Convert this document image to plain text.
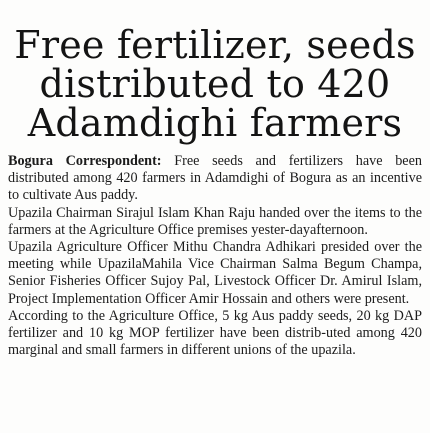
Free fertilizer, seeds
distributed to 420
Adamdighi farmers

Bogura Correspondent: Free seeds and fertilizers have been distributed among 420 farmers in Adamdighi of Bogura as an incentive to cultivate Aus paddy.

Upazila Chairman Sirajul Islam Khan Raju handed over the items to the farmers at the Agriculture Office premises yester-dayafternoon.

Upazila Agriculture Officer Mithu Chandra Adhikari presided over the meeting while UpazilaMahila Vice Chairman Salma Begum Champa, Senior Fisheries Officer Sujoy Pal, Livestock Officer Dr. Amirul Islam, Project Implementation Officer Amir Hossain and others were present.

According to the Agriculture Office, 5 kg Aus paddy seeds, 20 kg DAP fertilizer and 10 kg MOP fertilizer have been distrib-uted among 420 marginal and small farmers in different unions of the upazila.
